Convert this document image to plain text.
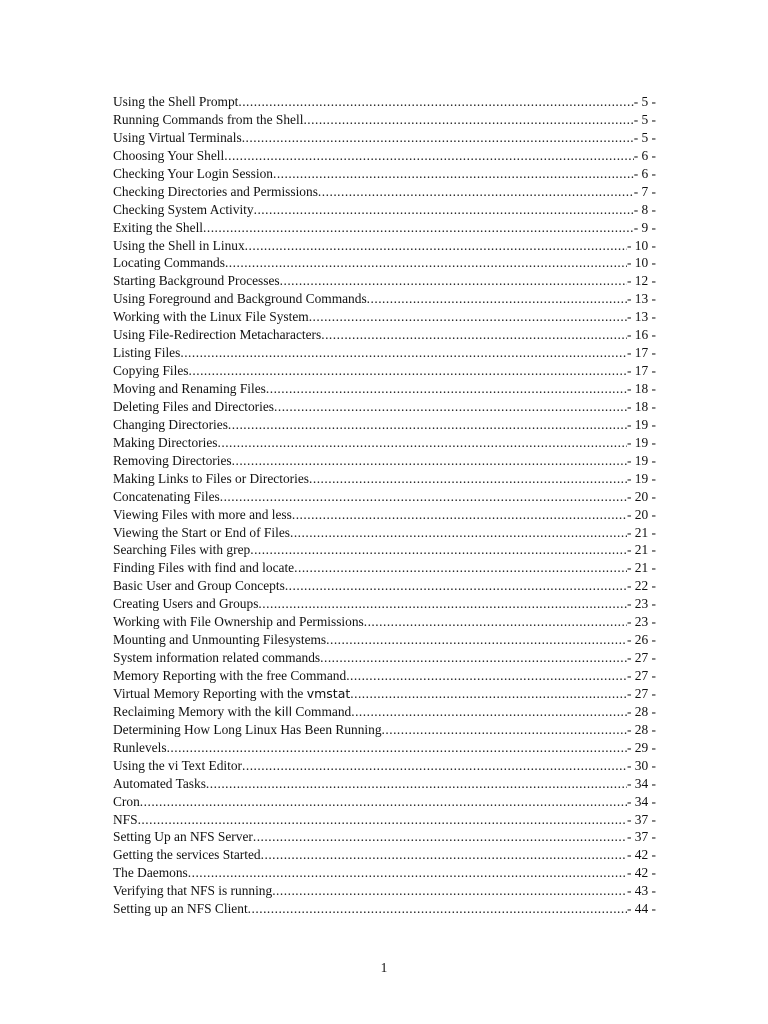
Using the Shell Prompt .....	- 5 -
Running Commands from the Shell .....	- 5 -
Using Virtual Terminals .....	- 5 -
Choosing Your Shell .....	- 6 -
Checking Your Login Session .....	- 6 -
Checking Directories and Permissions .....	- 7 -
Checking System Activity .....	- 8 -
Exiting the Shell .....	- 9 -
Using the Shell in Linux .....	- 10 -
Locating Commands .....	- 10 -
Starting Background Processes .....	- 12 -
Using Foreground and Background Commands .....	- 13 -
Working with the Linux File System .....	- 13 -
Using File-Redirection Metacharacters .....	- 16 -
Listing Files .....	- 17 -
Copying Files .....	- 17 -
Moving and Renaming Files .....	- 18 -
Deleting Files and Directories .....	- 18 -
Changing Directories .....	- 19 -
Making Directories .....	- 19 -
Removing Directories .....	- 19 -
Making Links to Files or Directories .....	- 19 -
Concatenating Files .....	- 20 -
Viewing Files with more and less .....	- 20 -
Viewing the Start or End of Files .....	- 21 -
Searching Files with grep .....	- 21 -
Finding Files with find and locate .....	- 21 -
Basic User and Group Concepts .....	- 22 -
Creating Users and Groups .....	- 23 -
Working with File Ownership and Permissions .....	- 23 -
Mounting and Unmounting Filesystems .....	- 26 -
System information related commands .....	- 27 -
Memory Reporting with the free Command .....	- 27 -
Virtual Memory Reporting with the vmstat .....	- 27 -
Reclaiming Memory with the kill Command .....	- 28 -
Determining How Long Linux Has Been Running .....	- 28 -
Runlevels .....	- 29 -
Using the vi Text Editor .....	- 30 -
Automated Tasks .....	- 34 -
Cron .....	- 34 -
NFS .....	- 37 -
Setting Up an NFS Server .....	- 37 -
Getting the services Started .....	- 42 -
The Daemons .....	- 42 -
Verifying that NFS is running .....	- 43 -
Setting up an NFS Client .....	- 44 -
1
